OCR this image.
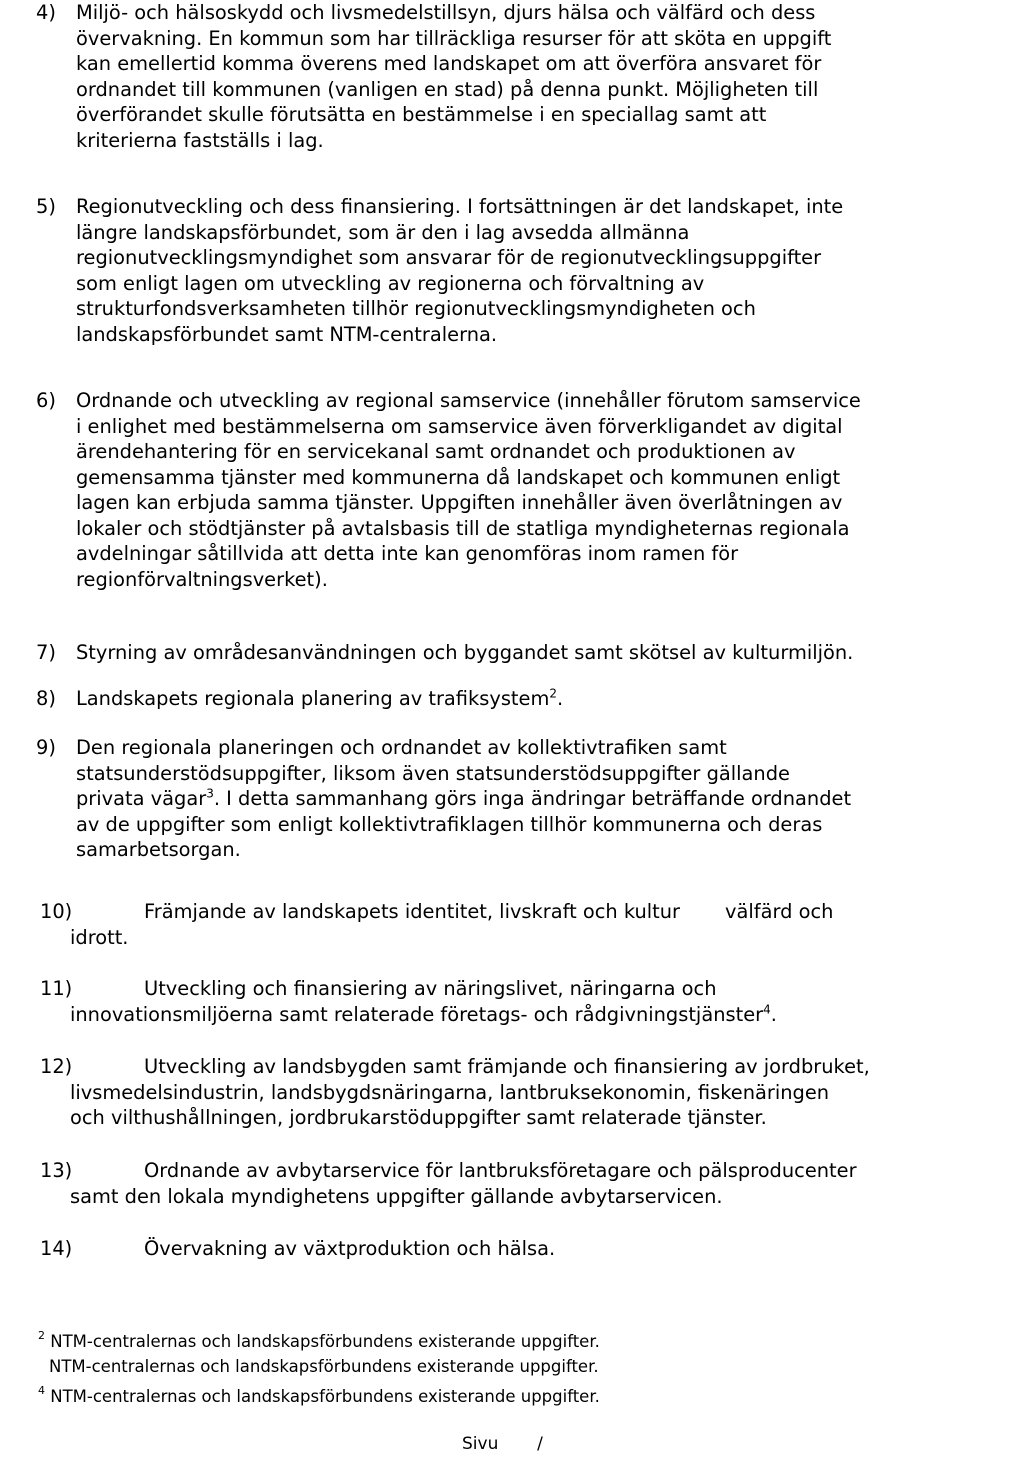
4) Miljö- och hälsoskydd och livsmedelstillsyn, djurs hälsa och välfärd och dess

övervakning. En kommun som har tillräckliga resurser för att sköta en uppgift

kan emellertid komma överens med landskapet om att överföra ansvaret för

ordnandet till kommunen (vanligen en stad) på denna punkt. Möjligheten till

överförandet skulle förutsätta en bestämmelse i en speciallag samt att

kriterierna fastställs i lag.

5) Regionutveckling och dess finansiering. I fortsättningen är det landskapet, inte

längre landskapsförbundet, som är den i lag avsedda allmänna

regionutvecklingsmyndighet som ansvarar för de regionutvecklingsuppgifter

som enligt lagen om utveckling av regionerna och förvaltning av

strukturfondsverksamheten tillhör regionutvecklingsmyndigheten och

landskapsförbundet samt NTM-centralerna.

6) Ordnande och utveckling av regional samservice (innehåller förutom samservice

i enlighet med bestämmelserna om samservice även förverkligandet av digital

ärendehantering för en servicekanal samt ordnandet och produktionen av

gemensamma tjänster med kommunerna då landskapet och kommunen enligt

lagen kan erbjuda samma tjänster. Uppgiften innehåller även överlåtningen av

lokaler och stödtjänster på avtalsbasis till de statliga myndigheternas regionala

avdelningar såtillvida att detta inte kan genomföras inom ramen för

regionförvaltningsverket).

7) Styrning av områdesanvändningen och byggandet samt skötsel av kulturmiljön.

8) Landskapets regionala planering av trafiksystem$^2$.

9) Den regionala planeringen och ordnandet av kollektivtrafiken samt

statsunderstödsuppgifter, liksom även statsunderstödsuppgifter gällande

privata vägar$^3$. I detta sammanhang görs inga ändringar beträffande ordnandet

av de uppgifter som enligt kollektivtrafiklagen tillhör kommunerna och deras

samarbetsorgan.

10)	Främjande av landskapets identitet, livskraft och kultur välfärd och

idrott.

11)	Utveckling och finansiering av näringslivet, näringarna och

innovationsmiljöerna samt relaterade företags- och rådgivningstjänster$^4$.

12)	Utveckling av landsbygden samt främjande och finansiering av jordbruket,

livsmedelsindustrin, landsbygdsnäringarna, lantbruksekonomin, fiskenäringen

och vilthushållningen, jordbrukarstöduppgifter samt relaterade tjänster.

13)	Ordnande av avbytarservice för lantbruksföretagare och pälsproducenter

samt den lokala myndighetens uppgifter gällande avbytarservicen.

14)	Övervakning av växtproduktion och hälsa.

$^2$ NTM-centralernas och landskapsförbundens existerande uppgifter.
NTM-centralernas och landskapsförbundens existerande uppgifter.
$^4$ NTM-centralernas och landskapsförbundens existerande uppgifter.
Sivu /
